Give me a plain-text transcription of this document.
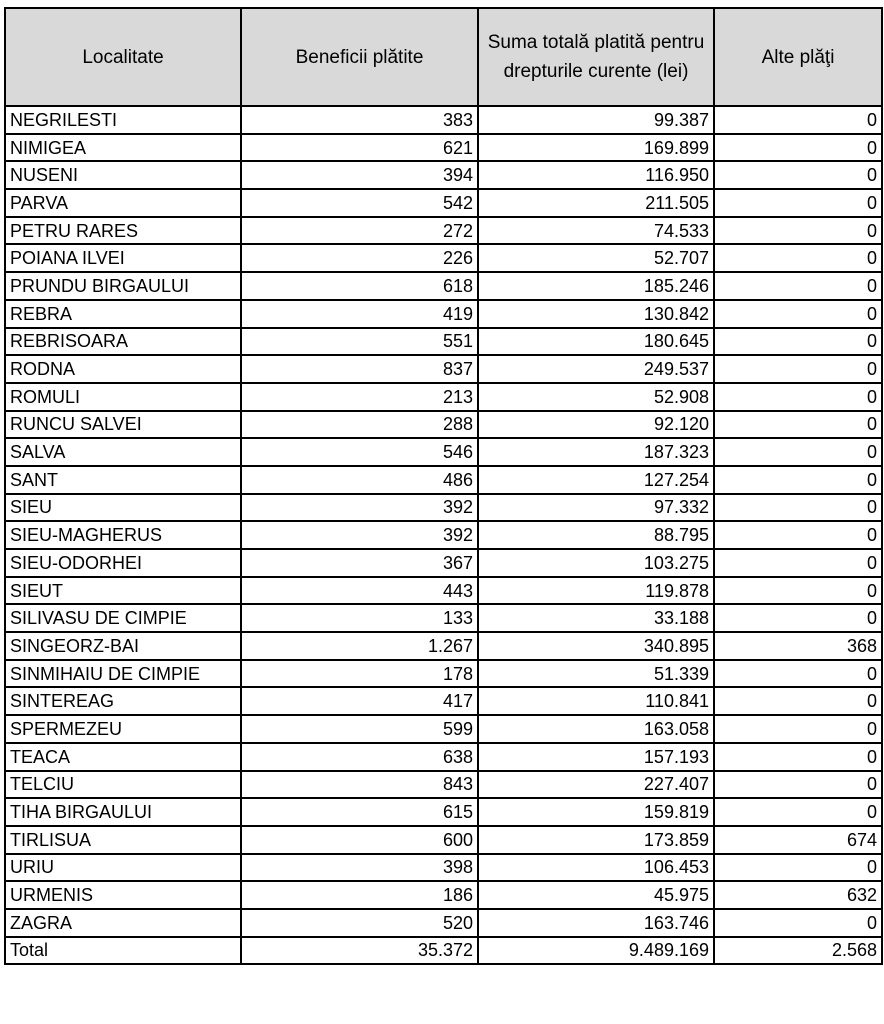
Localitate	Beneficii plătite	Suma totală platită pentru drepturile curente (lei)	Alte plăţi
NEGRILESTI	383	99.387	0
NIMIGEA	621	169.899	0
NUSENI	394	116.950	0
PARVA	542	211.505	0
PETRU RARES	272	74.533	0
POIANA ILVEI	226	52.707	0
PRUNDU BIRGAULUI	618	185.246	0
REBRA	419	130.842	0
REBRISOARA	551	180.645	0
RODNA	837	249.537	0
ROMULI	213	52.908	0
RUNCU SALVEI	288	92.120	0
SALVA	546	187.323	0
SANT	486	127.254	0
SIEU	392	97.332	0
SIEU-MAGHERUS	392	88.795	0
SIEU-ODORHEI	367	103.275	0
SIEUT	443	119.878	0
SILIVASU DE CIMPIE	133	33.188	0
SINGEORZ-BAI	1.267	340.895	368
SINMIHAIU DE CIMPIE	178	51.339	0
SINTEREAG	417	110.841	0
SPERMEZEU	599	163.058	0
TEACA	638	157.193	0
TELCIU	843	227.407	0
TIHA BIRGAULUI	615	159.819	0
TIRLISUA	600	173.859	674
URIU	398	106.453	0
URMENIS	186	45.975	632
ZAGRA	520	163.746	0
Total	35.372	9.489.169	2.568
